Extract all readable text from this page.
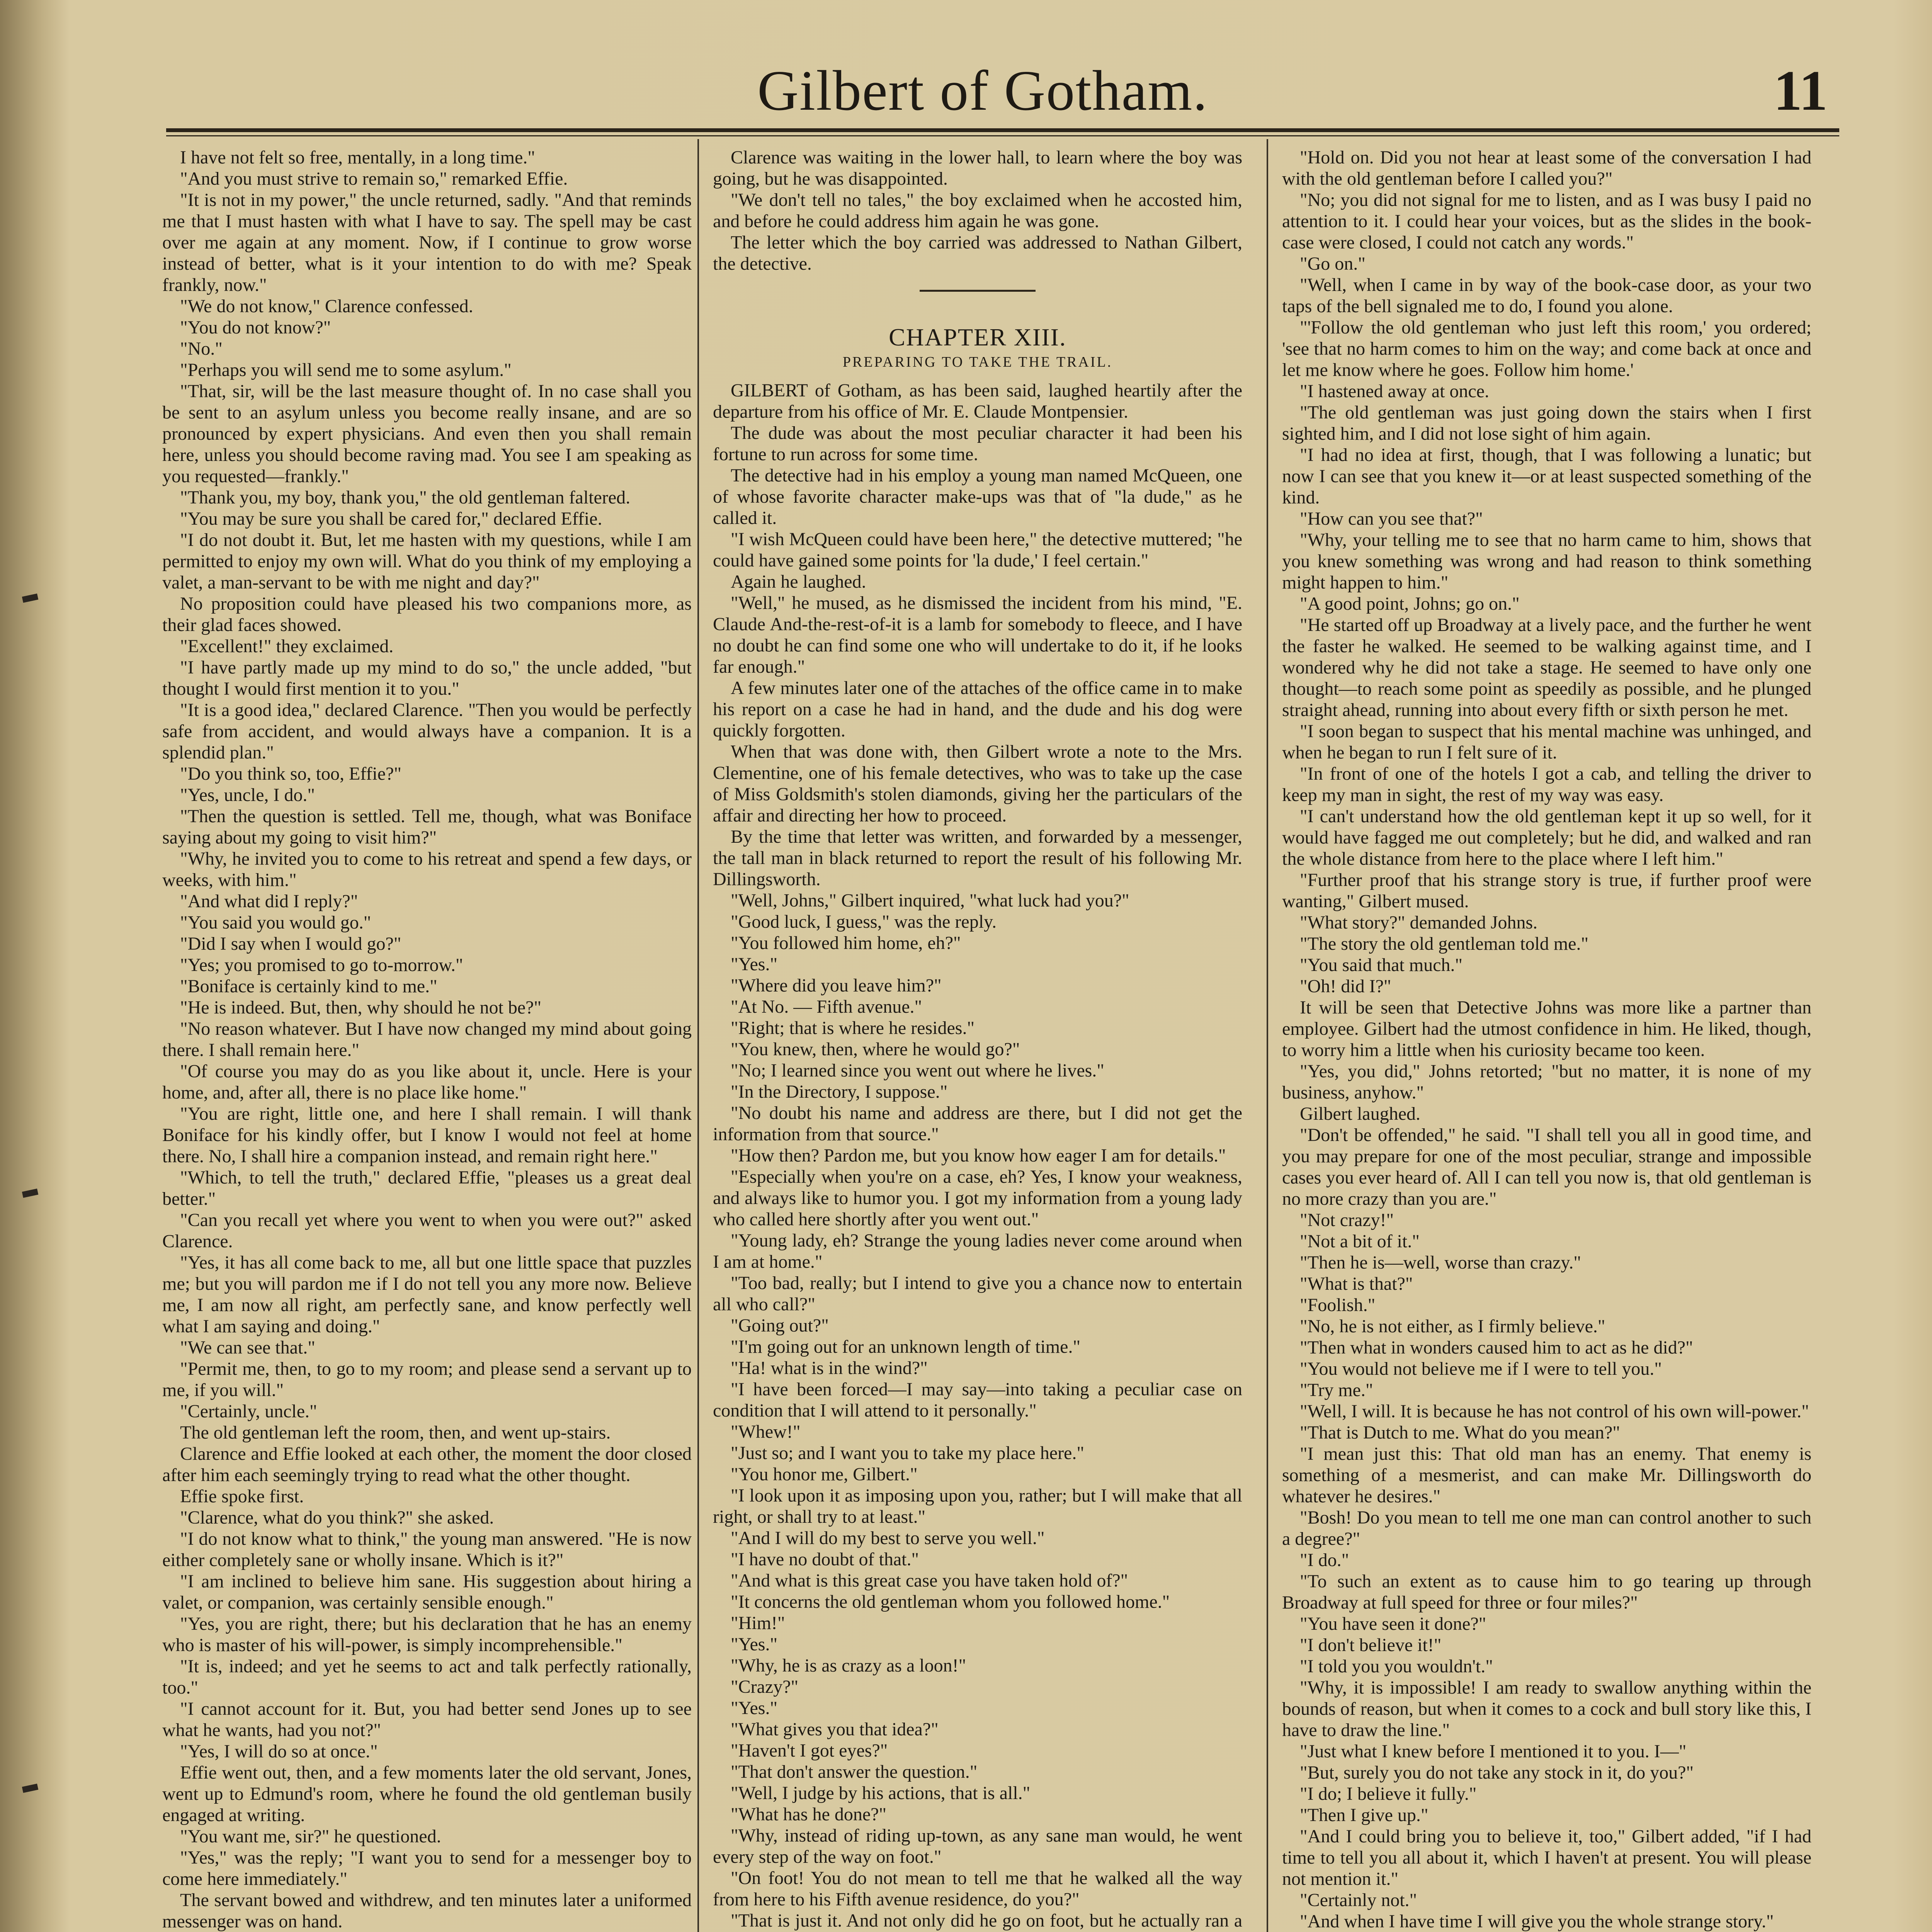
Gilbert of Gotham.	11

I have not felt so free, mentally, in a long time."

"And you must strive to remain so," remarked Effie.

"It is not in my power," the uncle returned, sadly. "And that reminds me that I must hasten with what I have to say. The spell may be cast over me again at any moment. Now, if I continue to grow worse instead of better, what is it your intention to do with me? Speak frankly, now."

"We do not know," Clarence confessed.

"You do not know?"

"No."

"Perhaps you will send me to some asylum."

"That, sir, will be the last measure thought of. In no case shall you be sent to an asylum unless you become really insane, and are so pronounced by expert physicians. And even then you shall remain here, unless you should become raving mad. You see I am speaking as you requested—frankly."

"Thank you, my boy, thank you," the old gentleman faltered.

"You may be sure you shall be cared for," declared Effie.

"I do not doubt it. But, let me hasten with my questions, while I am permitted to enjoy my own will. What do you think of my employing a valet, a man-servant to be with me night and day?"

No proposition could have pleased his two companions more, as their glad faces showed.

"Excellent!" they exclaimed.

"I have partly made up my mind to do so," the uncle added, "but thought I would first mention it to you."

"It is a good idea," declared Clarence. "Then you would be perfectly safe from accident, and would always have a companion. It is a splendid plan."

"Do you think so, too, Effie?"

"Yes, uncle, I do."

"Then the question is settled. Tell me, though, what was Boniface saying about my going to visit him?"

"Why, he invited you to come to his retreat and spend a few days, or weeks, with him."

"And what did I reply?"

"You said you would go."

"Did I say when I would go?"

"Yes; you promised to go to-morrow."

"Boniface is certainly kind to me."

"He is indeed. But, then, why should he not be?"

"No reason whatever. But I have now changed my mind about going there. I shall remain here."

"Of course you may do as you like about it, uncle. Here is your home, and, after all, there is no place like home."

"You are right, little one, and here I shall remain. I will thank Boniface for his kindly offer, but I know I would not feel at home there. No, I shall hire a companion instead, and remain right here."

"Which, to tell the truth," declared Effie, "pleases us a great deal better."

"Can you recall yet where you went to when you were out?" asked Clarence.

"Yes, it has all come back to me, all but one little space that puzzles me; but you will pardon me if I do not tell you any more now. Believe me, I am now all right, am perfectly sane, and know perfectly well what I am saying and doing."

"We can see that."

"Permit me, then, to go to my room; and please send a servant up to me, if you will."

"Certainly, uncle."

The old gentleman left the room, then, and went up-stairs.

Clarence and Effie looked at each other, the moment the door closed after him each seemingly trying to read what the other thought.

Effie spoke first.

"Clarence, what do you think?" she asked.

"I do not know what to think," the young man answered. "He is now either completely sane or wholly insane. Which is it?"

"I am inclined to believe him sane. His suggestion about hiring a valet, or companion, was certainly sensible enough."

"Yes, you are right, there; but his declaration that he has an enemy who is master of his will-power, is simply incomprehensible."

"It is, indeed; and yet he seems to act and talk perfectly rationally, too."

"I cannot account for it. But, you had better send Jones up to see what he wants, had you not?"

"Yes, I will do so at once."

Effie went out, then, and a few moments later the old servant, Jones, went up to Edmund's room, where he found the old gentleman busily engaged at writing.

"You want me, sir?" he questioned.

"Yes," was the reply; "I want you to send for a messenger boy to come here immediately."

The servant bowed and withdrew, and ten minutes later a uniformed messenger was on hand.

Clarence was waiting in the lower hall, to learn where the boy was going, but he was disappointed.

"We don't tell no tales," the boy exclaimed when he accosted him, and before he could address him again he was gone.

The letter which the boy carried was addressed to Nathan Gilbert, the detective.

CHAPTER XIII.
PREPARING TO TAKE THE TRAIL.

GILBERT of Gotham, as has been said, laughed heartily after the departure from his office of Mr. E. Claude Montpensier.

The dude was about the most peculiar character it had been his fortune to run across for some time.

The detective had in his employ a young man named McQueen, one of whose favorite character make-ups was that of "la dude," as he called it.

"I wish McQueen could have been here," the detective muttered; "he could have gained some points for 'la dude,' I feel certain."

Again he laughed.

"Well," he mused, as he dismissed the incident from his mind, "E. Claude And-the-rest-of-it is a lamb for somebody to fleece, and I have no doubt he can find some one who will undertake to do it, if he looks far enough."

A few minutes later one of the attaches of the office came in to make his report on a case he had in hand, and the dude and his dog were quickly forgotten.

When that was done with, then Gilbert wrote a note to the Mrs. Clementine, one of his female detectives, who was to take up the case of Miss Goldsmith's stolen diamonds, giving her the particulars of the affair and directing her how to proceed.

By the time that letter was written, and forwarded by a messenger, the tall man in black returned to report the result of his following Mr. Dillingsworth.

"Well, Johns," Gilbert inquired, "what luck had you?"

"Good luck, I guess," was the reply.

"You followed him home, eh?"

"Yes."

"Where did you leave him?"

"At No. — Fifth avenue."

"Right; that is where he resides."

"You knew, then, where he would go?"

"No; I learned since you went out where he lives."

"In the Directory, I suppose."

"No doubt his name and address are there, but I did not get the information from that source."

"How then? Pardon me, but you know how eager I am for details."

"Especially when you're on a case, eh? Yes, I know your weakness, and always like to humor you. I got my information from a young lady who called here shortly after you went out."

"Young lady, eh? Strange the young ladies never come around when I am at home."

"Too bad, really; but I intend to give you a chance now to entertain all who call?"

"Going out?"

"I'm going out for an unknown length of time."

"Ha! what is in the wind?"

"I have been forced—I may say—into taking a peculiar case on condition that I will attend to it personally."

"Whew!"

"Just so; and I want you to take my place here."

"You honor me, Gilbert."

"I look upon it as imposing upon you, rather; but I will make that all right, or shall try to at least."

"And I will do my best to serve you well."

"I have no doubt of that."

"And what is this great case you have taken hold of?"

"It concerns the old gentleman whom you followed home."

"Him!"

"Yes."

"Why, he is as crazy as a loon!"

"Crazy?"

"Yes."

"What gives you that idea?"

"Haven't I got eyes?"

"That don't answer the question."

"Well, I judge by his actions, that is all."

"What has he done?"

"Why, instead of riding up-town, as any sane man would, he went every step of the way on foot."

"On foot! You do not mean to tell me that he walked all the way from here to his Fifth avenue residence, do you?"

"That is just it. And not only did he go on foot, but he actually ran a

"Hold on. Did you not hear at least some of the conversation I had with the old gentleman before I called you?"

"No; you did not signal for me to listen, and as I was busy I paid no attention to it. I could hear your voices, but as the slides in the book-case were closed, I could not catch any words."

"Go on."

"Well, when I came in by way of the book-case door, as your two taps of the bell signaled me to do, I found you alone.

"'Follow the old gentleman who just left this room,' you ordered; 'see that no harm comes to him on the way; and come back at once and let me know where he goes. Follow him home.'

"I hastened away at once.

"The old gentleman was just going down the stairs when I first sighted him, and I did not lose sight of him again.

"I had no idea at first, though, that I was following a lunatic; but now I can see that you knew it—or at least suspected something of the kind.

"How can you see that?"

"Why, your telling me to see that no harm came to him, shows that you knew something was wrong and had reason to think something might happen to him."

"A good point, Johns; go on."

"He started off up Broadway at a lively pace, and the further he went the faster he walked. He seemed to be walking against time, and I wondered why he did not take a stage. He seemed to have only one thought—to reach some point as speedily as possible, and he plunged straight ahead, running into about every fifth or sixth person he met.

"I soon began to suspect that his mental machine was unhinged, and when he began to run I felt sure of it.

"In front of one of the hotels I got a cab, and telling the driver to keep my man in sight, the rest of my way was easy.

"I can't understand how the old gentleman kept it up so well, for it would have fagged me out completely; but he did, and walked and ran the whole distance from here to the place where I left him."

"Further proof that his strange story is true, if further proof were wanting," Gilbert mused.

"What story?" demanded Johns.

"The story the old gentleman told me."

"You said that much."

"Oh! did I?"

It will be seen that Detective Johns was more like a partner than employee. Gilbert had the utmost confidence in him. He liked, though, to worry him a little when his curiosity became too keen.

"Yes, you did," Johns retorted; "but no matter, it is none of my business, anyhow."

Gilbert laughed.

"Don't be offended," he said. "I shall tell you all in good time, and you may prepare for one of the most peculiar, strange and impossible cases you ever heard of. All I can tell you now is, that old gentleman is no more crazy than you are."

"Not crazy!"

"Not a bit of it."

"Then he is—well, worse than crazy."

"What is that?"

"Foolish."

"No, he is not either, as I firmly believe."

"Then what in wonders caused him to act as he did?"

"You would not believe me if I were to tell you."

"Try me."

"Well, I will. It is because he has not control of his own will-power."

"That is Dutch to me. What do you mean?"

"I mean just this: That old man has an enemy. That enemy is something of a mesmerist, and can make Mr. Dillingsworth do whatever he desires."

"Bosh! Do you mean to tell me one man can control another to such a degree?"

"I do."

"To such an extent as to cause him to go tearing up through Broadway at full speed for three or four miles?"

"You have seen it done?"

"I don't believe it!"

"I told you you wouldn't."

"Why, it is impossible! I am ready to swallow anything within the bounds of reason, but when it comes to a cock and bull story like this, I have to draw the line."

"Just what I knew before I mentioned it to you. I—"

"But, surely you do not take any stock in it, do you?"

"I do; I believe it fully."

"Then I give up."

"And I could bring you to believe it, too," Gilbert added, "if I had time to tell you all about it, which I haven't at present. You will please not mention it."

"Certainly not."

"And when I have time I will give you the whole strange story."
